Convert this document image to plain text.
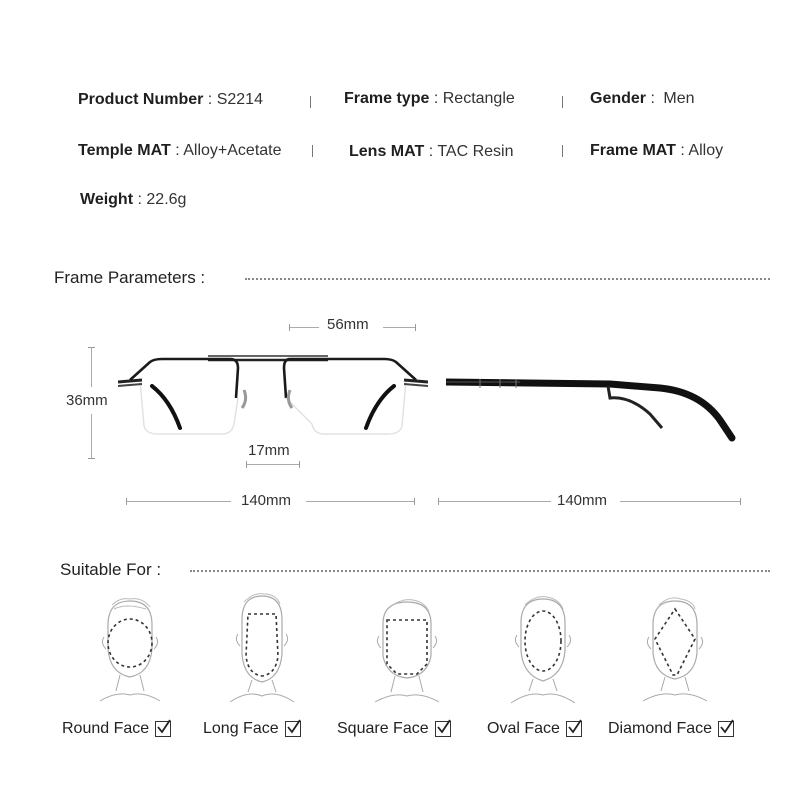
Product Number : S2214	Frame type : Rectangle	Gender : Men
Temple MAT : Alloy+Acetate	Lens MAT : TAC Resin	Frame MAT : Alloy
Weight : 22.6g
Frame Parameters :
56mm
36mm
17mm
140mm	140mm
Suitable For :
Round Face	Long Face	Square Face	Oval Face	Diamond Face
